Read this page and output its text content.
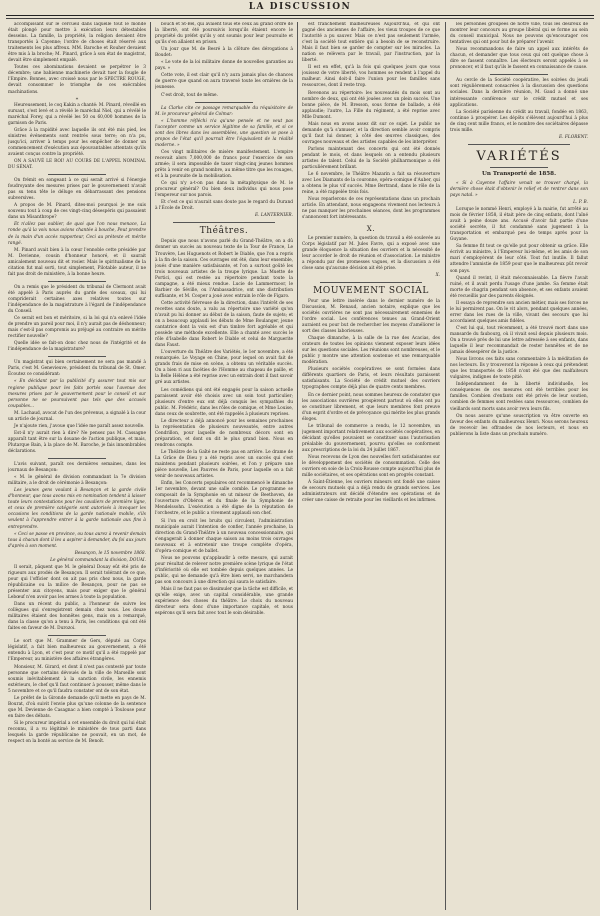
LA DISCUSSION

accompissant sur le cercueil dans laquelle tout le monde était plongé pour mettre à exécution leurs détestables desseins. La famille, la propriété, la religion devaient être transportés à Cayenne; l'ordre de choses était réservé aux traitements les plus affreux. MM. Baroche et Rouher devaient être mis à la broche; M. Pinard, grâce à son état de magistrat, devait être simplement empalé.

Toutes ces abominations devaient se perpétrer le 3 décembre; une bahienne machinerie devait tuer la fougle de l'Empire. Bonnes, avec croissé nous par le SPECTRE ROUGE, devait consommer le triomphe de ces exécrables machinations.

*

Heureusement, le coq Kakin a chanté: M. Pinard, réveillé en sursaut, s'est levé et a révélé le maréchal Niel, qui a révélé le maréchal Forey, qui a révélé les 50 ou 60,000 hommes de la garnison de Paris.

Grâce à la rapidité avec laquelle ils ont été mis pied, les sinistres événements sont rentrés sous terre; on n'a pu, jusqu'ici, arriver à temps pour les empêcher de donner un commencement d'exécution aux épouvantables attentats qu'ils avaient conçus contre la propriété.

ON A SAUVÉ LE ROI! AU COURS DE L'APPEL NOMINAL DU SÉNAT.

On frémit en songeant à ce qui serait arrivé si l'énergie foudroyante des mesures prises par le gouvernement n'avait pas su tenu tête le déluge en débarrassant des pensions subversives.

A propos de M. Pinard, dites-moi pourquoi je me suis souvenu tout à coup de ces vingt-cinq désespéris qui passaient dans un Misanthrope?

Et n'allez pas oublier, de quoi que l'on nous menace, La ronde qu'à la voix nous avions chantée à bouche, Peut prendre de la main d'un accès rapporteur, Ceci au prétexte et mérite rangé.

M. Pinard avait bien à la cœur l'ennoble cette présidée par M. Devienne, cousin d'honneur honoré, et il saurait amicalement nouveau dit et rosier. Mais le spiritualisme de la citation fut mal sorti, tout simplement, Pilotable auteur, il ne fait pas droit de ministère, à la bonne heure.

On a remis que le président du tribunal de Clermont avait été appelé à Paris auprès du garde des sceaux, qui lui compriderait certaines axes relatives toutes sur l'indépendance de la magistrature à l'égard de l'indépendance du Conseil.

Ce serait est bon et méritoire, si la loi qui n'a enlevé l'idée de prendre un pareil pour moi, il n'y aurait pas de déshonneur; mais c'est-il pas compromis au préjugé au contraire on mérite rectifier nouvelle?

Quelle idée se fait-on donc chez nous de l'intégrité et de l'indépendance de la magistrature?

Un magistrat qui bien certainement ne sera pas mandé à Paris, c'est M. Genevieuve, président du tribunal de St. Omer. Écoutez ce considérant:

« En décidant par la publicité d'y assurer tout mis sur regione publique pour les faits portés sous l'avenue des mesures prises par le gouvernement pour le conseil et sur personne ne se poursuivent pas tels que des accusés coupables...

M. Lachaud, avocat de l'un des prévenus, a signalé à la cour un article de journal.

Je n'ajoute rien, j'avoue que l'idée me paraît assez nouvelle.

Est-il n'y aurait rien à dire? Ne pensez pas M. Cassagne apparaît tant être sur la douane de l'action publique, et mais, Plutarque Bain, à la place de M. Baroche, je fais innombrables déclarations.

L'avis suivant, paraît ces dernières semaines, dans les journaux de Besançon:

« M. le général de division commandant la 7e division militaire, a le droit de cérémonie à Besançon:

Les jeunes gens voulant à Besançon et la garde civile d'honneur, que tous avons mis en nomination tendent à laisser toute leurs contestations pour les cavaliers de première ligne, et ceux de première catégorie sont autorisés à invoquer les occasions les conditions de la garde nationale mobile, s'ils veulent à l'apprendre entrer à la garde nationale aux fins à entreprendre.

« Ceci se passe en province, ou tous aurez à revenir demain tous à chacun dont il les a aspirer à demander, du foi aux jours d'après à son moment.

Besançon, le 15 novembre 1868.

Le général commandant la division, DOUAI.

Il serait, pâquent que M. le général Douay eût été pris de rigueurs aux prodés de Besançon. Il serait tolérant de ce que, pour qui l'officier dont on ait pas pris chez nous, la garde républicaine ou la milice de Besançon, pour ne pas se présenter aux citoyens, mais pour exiger que le général Lebœuf n'en avoir pas les armes à toute la population.

Dans un récent du public, a l'honneur de suivre les collègues qui s'enregistrent demain chez nous. Les douze militaires étaient des honnêtes gens, mais on a remarqué, dans la classe qu'on a tenu à Paris, les conditions qui ont été faites en faveur de M. Durozoi.

Le sort que M. Grammer de Gers, député au Corps législatif, a fait bien malheureux au gouvernement, a été entendu à Lyon, et c'est pour ce motif qu'il a été rappelé par l'Empereur, au ministère des affaires étrangères.

Monsieur, M. Girard, et dont il n'est pas contesté par toute personne que certains dévoués de la ville de Marseille sont soumis inévitablement à la sanction civile, les ennemis extérieurs, le chef qu'il faut continuer à pousser, même dans le 5 novembre et ce qu'il faudra constater ont de son état.

Le préfet de la Gironde demande qu'il mette en pays de M. Bourat, d'où suivit l'envie plus qu'une colonne de la sentence que M. Devienne de Casagnac a bien compté à Toulouse pour en faire des débats.

Si le procureur impérial a cet ensemble du droit qui lui était reconnu, il a vu légitimé le ministère de tous parti dans lesquels la garde républicaine ne pouvait, en un mot, de respect on la bonté au service de M. Benoît.

bouch et St-Bel, qui avaient tous été ceux au grand ordre de la liberté, ont été poursuivis lorsqu'ils étaient encore le propriété du préfet qu'ils y ont soumis pour leur poursuite et qu'ils s'en allaient en prison.

Un jour que M. de Besré à la clôture des dérogations à Boudet:

« Le vote de la loi militaire donne de nouvelles garanties au pays. »

Cette vote, il est clair qu'il n'y aura jamais plus de chances de guerre que quand on aura traversé toute les ornières de la jeunesse.

C'est droit, tout de même.

La Clarke cite ce passage remarquable du réquisitoire de M. le procureur général de Colmar:

« L'homme réfléchi n'a qu'une pensée et ne veut pas l'accepter comme un service légitime de sa famille, et si ce sont des libres dans les assemblées, une question se pose à propos de l'état qu'il pourrait être l'équivalent de la réalité moderne. »

Ces vingt militaires de misère manifestement. L'empire recevait alors 7,000,000 de francs pour l'exercice de son armée; il sera impossible de taxer vingt-cinq jeunes hommes prêts à venir en grand nombre, au même titre que les rouages, et à la poursuite de la mobilisation.

Ce qui n'y a-t-on pas dans la métaphysique de M. le procureur général? Ou bien deux individus qui nous pose l'empereur sur nos parois.

Et c'est ce qui n'aurait sans doute pas le regard du Durand à l'École de Droit.

E. LANTERNIER.

Théâtres.

Depuis que nous n'avons parlé du Grand-Théâtre, on a dû donner un succès au nouveau texte de la Tour de France, Le Trouvère, Les Huguenots et Robert le Diable, que l'on a repris à la fin de la saison. Ces ouvrages ont été, dans leur ensemble, joués d'une manière satisfaisante, et l'on a surtout goûté les trois nouveaux artistes de la troupe lyrique. La Muette de Portici, qui est restée au répertoire pendant toute la campagne, a été mieux rendue. Lucie de Lammermoor, le Barbier de Séville, ou l'Ambassadrice, ont une distribution suffisante, et M. Cooper a joué avec entrain le rôle de Figaro.

Cette activité fiévreuse de la direction, dans l'intérêt de ses recettes sans doute, a valu au répertoire une variété qu'on n'avait pu lui donner au début de la saison, faute de sujets; et on a beaucoup applaudi les débuts de Mme Boulanger, jeune cantatrice dont la voix est d'un timbre fort agréable et qui possède une méthode excellente. Elle a chanté avec succès le rôle d'Isabelle dans Robert le Diable et celui de Marguerite dans Faust.

L'ouverture du Théâtre des Variétés, le 1er novembre, a été remarquée. Le Voyage en Chine, pour lequel on avait fait de grands frais de mise en scène, a obtenu un véritable succès. On a bien ri aux facéties de l'Homme au chapeau de paille, et la Belle Hélène a été reprise avec un entrain dont il faut savoir gré aux artistes.

Les comédiens qui ont été engagés pour la saison actuelle paraissent avoir été choisis avec un soin tout particulier; plusieurs d'entre eux ont déjà conquis les sympathies du public. M. Frédéric, dans les rôles de comique, et Mme Louise, dans ceux de soubrette, ont été rappelés à plusieurs reprises.

Le directeur a déjà annoncé pour les semaines prochaines la représentation de plusieurs nouveautés, entre autres Cendrillon, pour laquelle de nombreux décors sont en préparation, et dont on dit le plus grand bien. Nous en rendrons compte.

Le Théâtre de la Gaîté ne reste pas en arrière. Le drame de La Grâce de Dieu y a été repris avec un succès qui s'est maintenu pendant plusieurs soirées, et l'on y prépare une pièce nouvelle, Les Pauvres de Paris, pour laquelle on a fait venir de nouveaux artistes.

Enfin, les Concerts populaires ont recommencé le dimanche 1er novembre, devant une salle comble. Le programme se composait de la Symphonie en ut mineur de Beethoven, de l'ouverture d'Obéron et du finale de la Symphonie de Mendelssohn. L'exécution a été digne de la réputation de l'orchestre, et le public a vivement applaudi son chef.

Si l'on en croit les bruits qui circulent, l'administration municipale aurait l'intention de confier, l'année prochaine, la direction du Grand-Théâtre à un nouveau concessionnaire, qui s'engagerait à donner chaque saison au moins trois ouvrages nouveaux et à entretenir une troupe complète d'opéra, d'opéra-comique et de ballet.

Nous ne pouvons qu'applaudir à cette mesure, qui aurait pour résultat de relever notre première scène lyrique de l'état d'infériorité où elle est tombée depuis quelques années. Le public, qui ne demande qu'à être bien servi, ne marchandera pas son concours à une direction qui saura le satisfaire.

Mais il ne faut pas se dissimuler que la tâche est difficile, et qu'elle exige, avec un capital considérable, une grande expérience des choses du théâtre. Le choix du nouveau directeur sera donc d'une importance capitale, et nous espérons qu'il sera fait avec tout le soin désirable.

est franchement malheureuses Aujourd'hui, et qui ont gagné des anciennes de l'affaire, les vieux troupes de ce que l'autorité a pu sauver. Mais ce n'est pas seulement l'armée, c'est la société tout entière qui a besoin de se reconstruire. Mais il faut bien se garder de compter sur les miracles. La nation se relèvera par le travail, par l'instruction, par la liberté.

Il est en effet, qu'à la fois qui quelques jours que vous jouissez de votre liberté, vos hommes se rendent à l'appel du malheur. Ainsi doit-il faire l'union pour les familles sans ressources, dont il reste trop.

Revenons au répertoire: les nouveautés du mois sont au nombre de deux, qui ont été jouées avec un plein succès. Une bonne pièce, de M. Bresson, sous forme de ballade, a été applaudie; l'autre, La Fille du régiment, a été reprise avec Mlle Dumont.

Mais nous en avons assez dit sur ce sujet. Le public ne demande qu'à s'amuser, et la direction semble avoir compris qu'il faut lui donner, à côté des œuvres classiques, des ouvrages nouveaux et des artistes capables de les interpréter.

Parlons maintenant des concerts qui ont été donnés pendant le mois, et dans lesquels on a entendu plusieurs artistes de talent. Celui de la Société philharmonique a été particulièrement brillant.

Le 6 novembre, le Théâtre Mazarin a fait sa réouverture avec Les Diamants de la couronne, opéra-comique d'Auber, qui a obtenu le plus vif succès. Mme Bertrand, dans le rôle de la reine, a été rappelée trois fois.

Nous reparlerons de ces représentations dans un prochain article. En attendant, nous engageons vivement nos lecteurs à ne pas manquer les prochaines séances, dont les programmes s'annoncent fort intéressants.

X.

Le premier numéro, la question du travail a été soulevée au Corps législatif par M. Jules Favre, qui a exposé avec une grande éloquence la situation des ouvriers et la nécessité de leur accorder le droit de réunion et d'association. Le ministre a répondu par des promesses vagues, et la discussion a été close sans qu'aucune décision ait été prise.

X.

MOUVEMENT SOCIAL

Pour une lettre insérée dans le dernier numéro de la Discussion, M. Renaud, ancien notaire, explique que les sociétés ouvrières ne sont pas nécessairement ennemies de l'ordre social. Les conférences tenues au Grand-Orient auraient eu pour but de rechercher les moyens d'améliorer le sort des classes laborieuses.

Chaque dimanche, à la salle de la rue des Acacias, des orateurs de toutes les opinions viennent exposer leurs idées sur les questions sociales. Les réunions sont nombreuses, et le public y montre une attention soutenue et une remarquable modération.

Plusieurs sociétés coopératives se sont formées dans différents quartiers de Paris, et leurs résultats paraissent satisfaisants. La Société de crédit mutuel des ouvriers typographes compte déjà plus de quatre cents membres.

En ce dernier point, nous sommes heureux de constater que les associations ouvrières prospèrent partout où elles ont pu se constituer librement, et que leurs membres font preuve d'un esprit d'ordre et de prévoyance qui mérite les plus grands éloges.

Le tribunal de commerce a rendu, le 12 novembre, un jugement important relativement aux sociétés coopératives, en décidant qu'elles pouvaient se constituer sans l'autorisation préalable du gouvernement, pourvu qu'elles se conforment aux prescriptions de la loi du 24 juillet 1867.

Nous recevons de Lyon des nouvelles fort satisfaisantes sur le développement des sociétés de consommation. Celle des ouvriers en soie de la Croix-Rousse compte aujourd'hui plus de mille sociétaires, et ses opérations sont en progrès constant.

À Saint-Étienne, les ouvriers mineurs ont fondé une caisse de secours mutuels qui a déjà rendu de grands services. Les administrateurs ont décidé d'étendre ses opérations et de créer une caisse de retraite pour les vieillards et les infirmes.

les personnes groupées de notre ville, tous les désireux de montrer leur concours au groupe libéral qui se forme au sein du conseil municipal. Nous ne pouvons qu'encourager ces tentatives qui ont pour but de préparer l'avenir.

Nous recommandons de faire un appel aux intérêts de chacun, et demander que tous ceux qui ont quelque chose à dire se fassent connaître. Les électeurs seront appelés à se prononcer, et il faut qu'ils le fassent en connaissance de cause.

Au cercle de la Société coopérative, les soirées du jeudi sont régulièrement consacrées à la discussion des questions sociales. Dans la dernière réunion, M. Gaud a donné une intéressante conférence sur le crédit mutuel et ses applications.

La Société parisienne du crédit au travail, fondée en 1863, continue à prospérer. Les dépôts s'élèvent aujourd'hui à plus de cinq cent mille francs, et le nombre des sociétaires dépasse trois mille.

E. FLORENT.

VARIÉTÉS
Un Transporté de 1858.

« Si à Cayenne l'affaire venait se trouver chargé, la dernière chose était d'obtenir le relief et de rentrer dans son pays natal. »

L. P. B.

Lorsque le nommé Henri, employé à la mairie, fut arrêté au mois de février 1858, il était père de cinq enfants, dont l'aîné avait à peine douze ans. Accusé d'avoir fait partie d'une société secrète, il fut condamné sans jugement à la transportation et embarqué peu de temps après pour la Guyane.

Sa femme fit tout ce qu'elle put pour obtenir sa grâce. Elle écrivit au ministre, à l'Empereur lui-même, et les amis de son mari s'employèrent de leur côté. Tout fut inutile. Il fallut attendre l'amnistie de 1859 pour que le malheureux pût revoir son pays.

Quand il revint, il était méconnaissable. La fièvre l'avait ruiné, et il avait perdu l'usage d'une jambe. Sa femme était morte de chagrin pendant son absence, et ses enfants avaient été recueillis par des parents éloignés.

Il essaya de reprendre son ancien métier, mais ses forces ne le lui permirent pas. On le vit alors, pendant quelques années, errer dans les rues de la ville, vivant des secours que lui accordaient quelques amis fidèles.

C'est lui qui, tout récemment, a été trouvé mort dans une mansarde du faubourg, où il vivait seul depuis plusieurs mois. On a trouvé près de lui une lettre adressée à ses enfants, dans laquelle il leur recommandait de rester honnêtes et de ne jamais désespérer de la justice.

Nous livrons ces faits sans commentaire à la méditation de nos lecteurs. Ils y trouveront la réponse à ceux qui prétendent que les transportés de 1858 n'ont été que des malfaiteurs vulgaires, indignes de toute pitié.

Indépendamment de la liberté individuelle, les conséquences de ces mesures ont été terribles pour les familles. Combien d'enfants ont été privés de leur soutien, combien de femmes sont restées sans ressources, combien de vieillards sont morts sans avoir revu leurs fils.

On nous assure qu'une souscription va être ouverte en faveur des enfants du malheureux Henri. Nous serons heureux de recevoir les offrandes de nos lecteurs, et nous en publierons la liste dans un prochain numéro.
